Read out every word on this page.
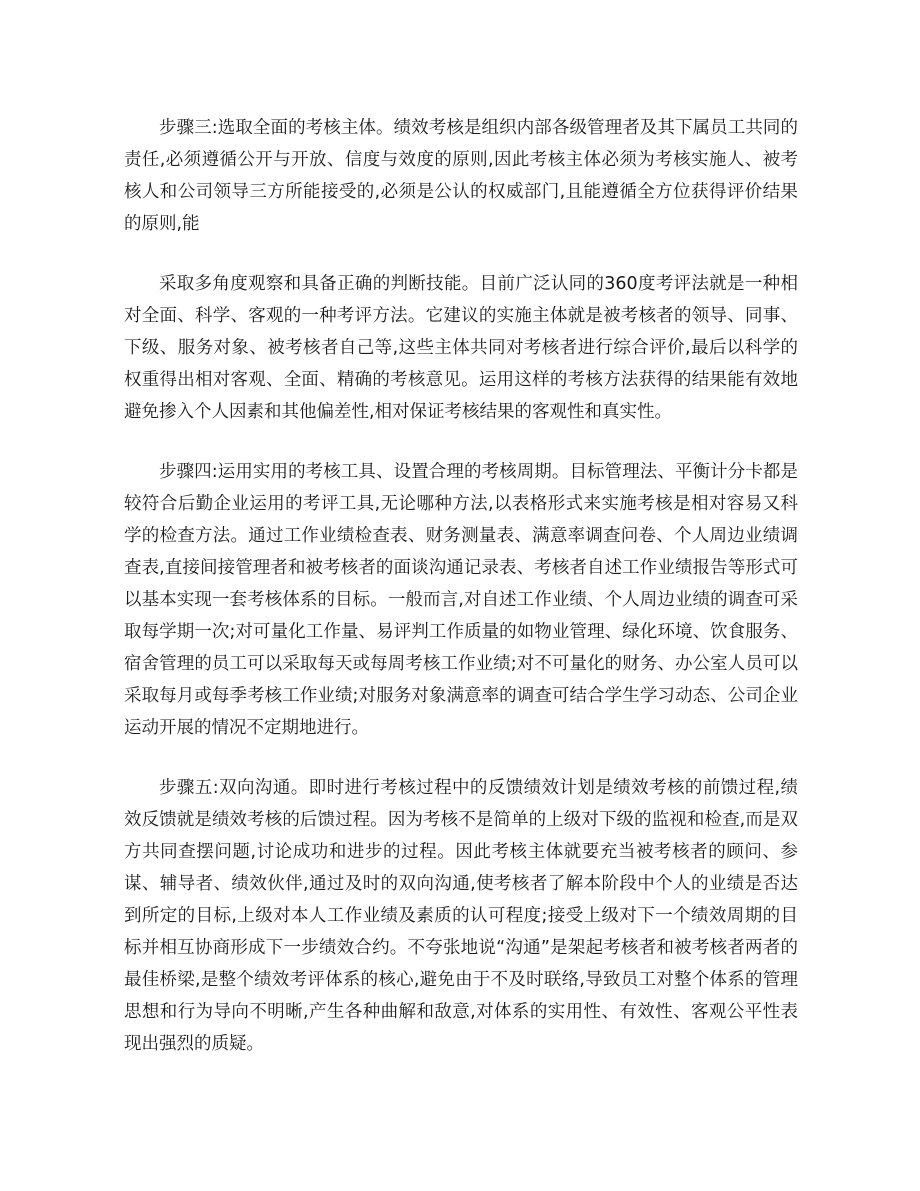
步骤三:选取全面的考核主体。绩效考核是组织内部各级管理者及其下属员工共同的责任,必须遵循公开与开放、信度与效度的原则,因此考核主体必须为考核实施人、被考核人和公司领导三方所能接受的,必须是公认的权威部门,且能遵循全方位获得评价结果的原则,能

采取多角度观察和具备正确的判断技能。目前广泛认同的360度考评法就是一种相对全面、科学、客观的一种考评方法。它建议的实施主体就是被考核者的领导、同事、下级、服务对象、被考核者自己等,这些主体共同对考核者进行综合评价,最后以科学的权重得出相对客观、全面、精确的考核意见。运用这样的考核方法获得的结果能有效地避免掺入个人因素和其他偏差性,相对保证考核结果的客观性和真实性。

步骤四:运用实用的考核工具、设置合理的考核周期。目标管理法、平衡计分卡都是较符合后勤企业运用的考评工具,无论哪种方法,以表格形式来实施考核是相对容易又科学的检查方法。通过工作业绩检查表、财务测量表、满意率调查问卷、个人周边业绩调查表,直接间接管理者和被考核者的面谈沟通记录表、考核者自述工作业绩报告等形式可以基本实现一套考核体系的目标。一般而言,对自述工作业绩、个人周边业绩的调查可采取每学期一次;对可量化工作量、易评判工作质量的如物业管理、绿化环境、饮食服务、宿舍管理的员工可以采取每天或每周考核工作业绩;对不可量化的财务、办公室人员可以采取每月或每季考核工作业绩;对服务对象满意率的调查可结合学生学习动态、公司企业运动开展的情况不定期地进行。

步骤五:双向沟通。即时进行考核过程中的反馈绩效计划是绩效考核的前馈过程,绩效反馈就是绩效考核的后馈过程。因为考核不是简单的上级对下级的监视和检查,而是双方共同查摆问题,讨论成功和进步的过程。因此考核主体就要充当被考核者的顾问、参谋、辅导者、绩效伙伴,通过及时的双向沟通,使考核者了解本阶段中个人的业绩是否达到所定的目标,上级对本人工作业绩及素质的认可程度;接受上级对下一个绩效周期的目标并相互协商形成下一步绩效合约。不夸张地说“沟通”是架起考核者和被考核者两者的最佳桥梁,是整个绩效考评体系的核心,避免由于不及时联络,导致员工对整个体系的管理思想和行为导向不明晰,产生各种曲解和敌意,对体系的实用性、有效性、客观公平性表现出强烈的质疑。
